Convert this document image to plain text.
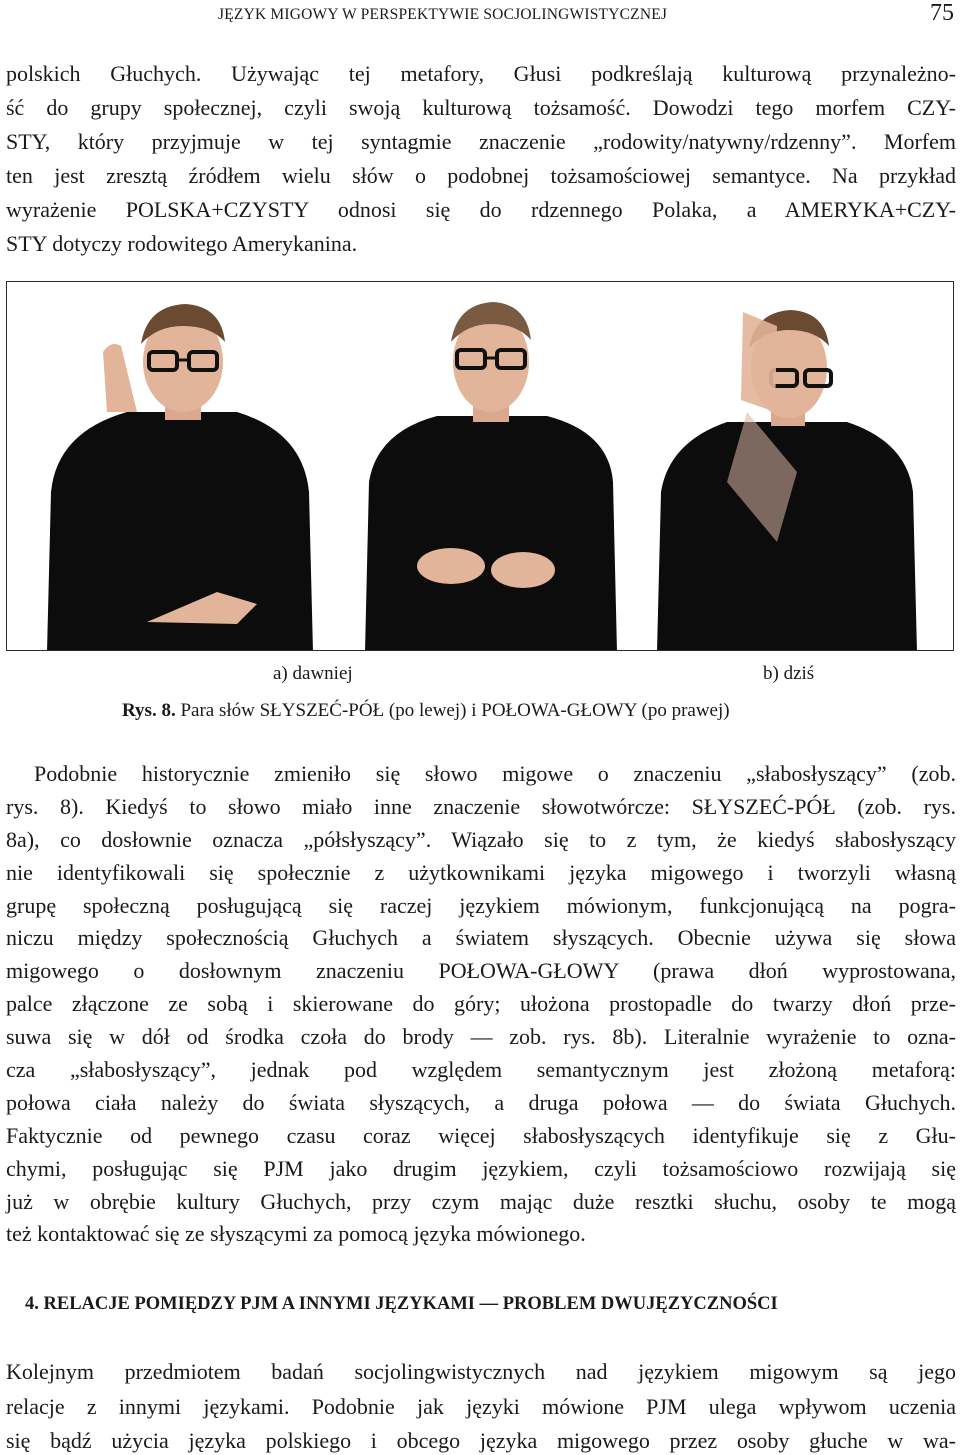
JĘZYK MIGOWY W PERSPEKTYWIE SOCJOLINGWISTYCZNEJ	75
polskich Głuchych. Używając tej metafory, Głusi podkreślają kulturową przynależno-
ść do grupy społecznej, czyli swoją kulturową tożsamość. Dowodzi tego morfem CZY-
STY, który przyjmuje w tej syntagmie znaczenie „rodowity/natywny/rdzenny”. Morfem
ten jest zresztą źródłem wielu słów o podobnej tożsamościowej semantyce. Na przykład
wyrażenie POLSKA+CZYSTY odnosi się do rdzennego Polaka, a AMERYKA+CZY-
STY dotyczy rodowitego Amerykanina.
a) dawniej	b) dziś
Rys. 8. Para słów SŁYSZEĆ-PÓŁ (po lewej) i POŁOWA-GŁOWY (po prawej)
Podobnie historycznie zmieniło się słowo migowe o znaczeniu „słabosłyszący” (zob.
rys. 8). Kiedyś to słowo miało inne znaczenie słowotwórcze: SŁYSZEĆ-PÓŁ (zob. rys.
8a), co dosłownie oznacza „półsłyszący”. Wiązało się to z tym, że kiedyś słabosłyszący
nie identyfikowali się społecznie z użytkownikami języka migowego i tworzyli własną
grupę społeczną posługującą się raczej językiem mówionym, funkcjonującą na pogra-
niczu między społecznością Głuchych a światem słyszących. Obecnie używa się słowa
migowego o dosłownym znaczeniu POŁOWA-GŁOWY (prawa dłoń wyprostowana,
palce złączone ze sobą i skierowane do góry; ułożona prostopadle do twarzy dłoń prze-
suwa się w dół od środka czoła do brody — zob. rys. 8b). Literalnie wyrażenie to ozna-
cza „słabosłyszący”, jednak pod względem semantycznym jest złożoną metaforą:
połowa ciała należy do świata słyszących, a druga połowa — do świata Głuchych.
Faktycznie od pewnego czasu coraz więcej słabosłyszących identyfikuje się z Głu-
chymi, posługując się PJM jako drugim językiem, czyli tożsamościowo rozwijają się
już w obrębie kultury Głuchych, przy czym mając duże resztki słuchu, osoby te mogą
też kontaktować się ze słyszącymi za pomocą języka mówionego.
4. RELACJE POMIĘDZY PJM A INNYMI JĘZYKAMI — PROBLEM DWUJĘZYCZNOŚCI
Kolejnym przedmiotem badań socjolingwistycznych nad językiem migowym są jego
relacje z innymi językami. Podobnie jak języki mówione PJM ulega wpływom uczenia
się bądź użycia języka polskiego i obcego języka migowego przez osoby głuche w wa-
